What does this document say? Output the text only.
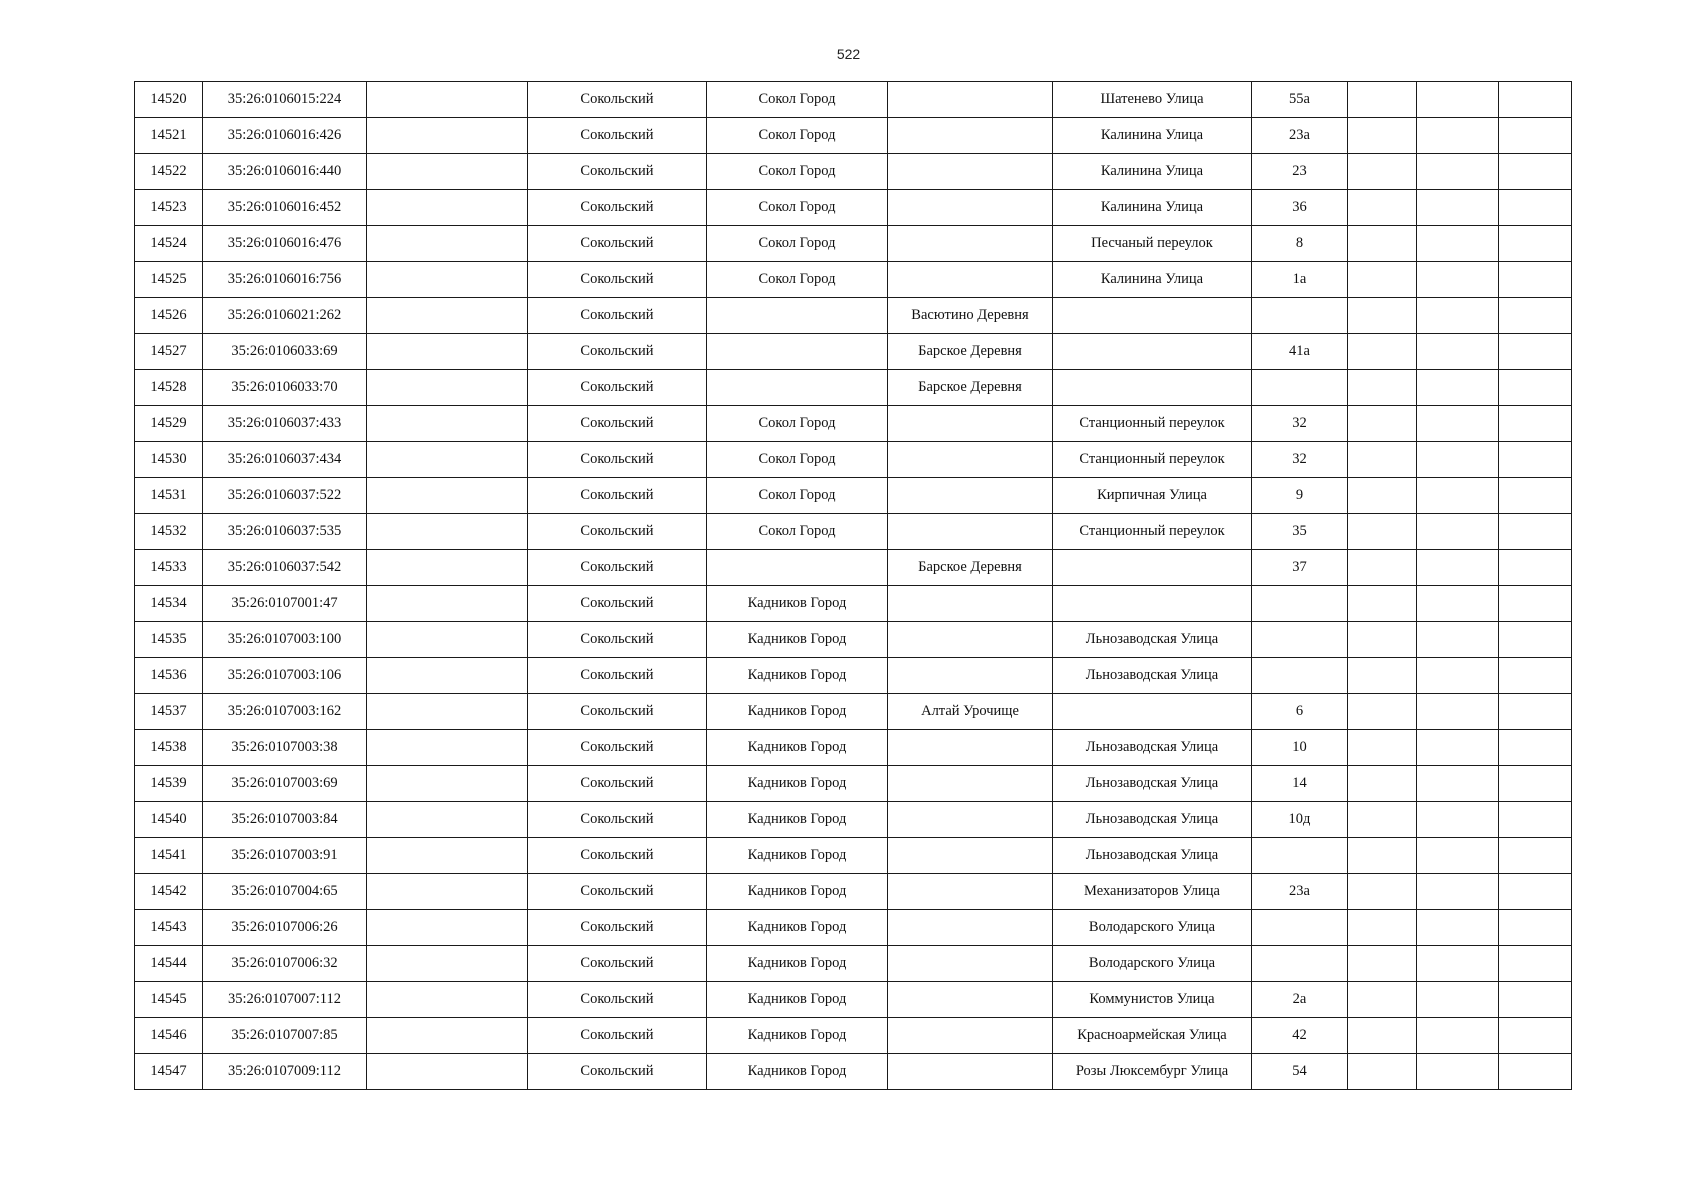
522
14520	35:26:0106015:224		Сокольский	Сокол Город		Шатенево Улица	55а			
14521	35:26:0106016:426		Сокольский	Сокол Город		Калинина Улица	23а			
14522	35:26:0106016:440		Сокольский	Сокол Город		Калинина Улица	23			
14523	35:26:0106016:452		Сокольский	Сокол Город		Калинина Улица	36			
14524	35:26:0106016:476		Сокольский	Сокол Город		Песчаный переулок	8			
14525	35:26:0106016:756		Сокольский	Сокол Город		Калинина Улица	1а			
14526	35:26:0106021:262		Сокольский		Васютино Деревня					
14527	35:26:0106033:69		Сокольский		Барское Деревня		41а			
14528	35:26:0106033:70		Сокольский		Барское Деревня					
14529	35:26:0106037:433		Сокольский	Сокол Город		Станционный переулок	32			
14530	35:26:0106037:434		Сокольский	Сокол Город		Станционный переулок	32			
14531	35:26:0106037:522		Сокольский	Сокол Город		Кирпичная Улица	9			
14532	35:26:0106037:535		Сокольский	Сокол Город		Станционный переулок	35			
14533	35:26:0106037:542		Сокольский		Барское Деревня		37			
14534	35:26:0107001:47		Сокольский	Кадников Город						
14535	35:26:0107003:100		Сокольский	Кадников Город		Льнозаводская Улица				
14536	35:26:0107003:106		Сокольский	Кадников Город		Льнозаводская Улица				
14537	35:26:0107003:162		Сокольский	Кадников Город	Алтай Урочище		6			
14538	35:26:0107003:38		Сокольский	Кадников Город		Льнозаводская Улица	10			
14539	35:26:0107003:69		Сокольский	Кадников Город		Льнозаводская Улица	14			
14540	35:26:0107003:84		Сокольский	Кадников Город		Льнозаводская Улица	10д			
14541	35:26:0107003:91		Сокольский	Кадников Город		Льнозаводская Улица				
14542	35:26:0107004:65		Сокольский	Кадников Город		Механизаторов Улица	23а			
14543	35:26:0107006:26		Сокольский	Кадников Город		Володарского Улица				
14544	35:26:0107006:32		Сокольский	Кадников Город		Володарского Улица				
14545	35:26:0107007:112		Сокольский	Кадников Город		Коммунистов Улица	2а			
14546	35:26:0107007:85		Сокольский	Кадников Город		Красноармейская Улица	42			
14547	35:26:0107009:112		Сокольский	Кадников Город		Розы Люксембург Улица	54			
